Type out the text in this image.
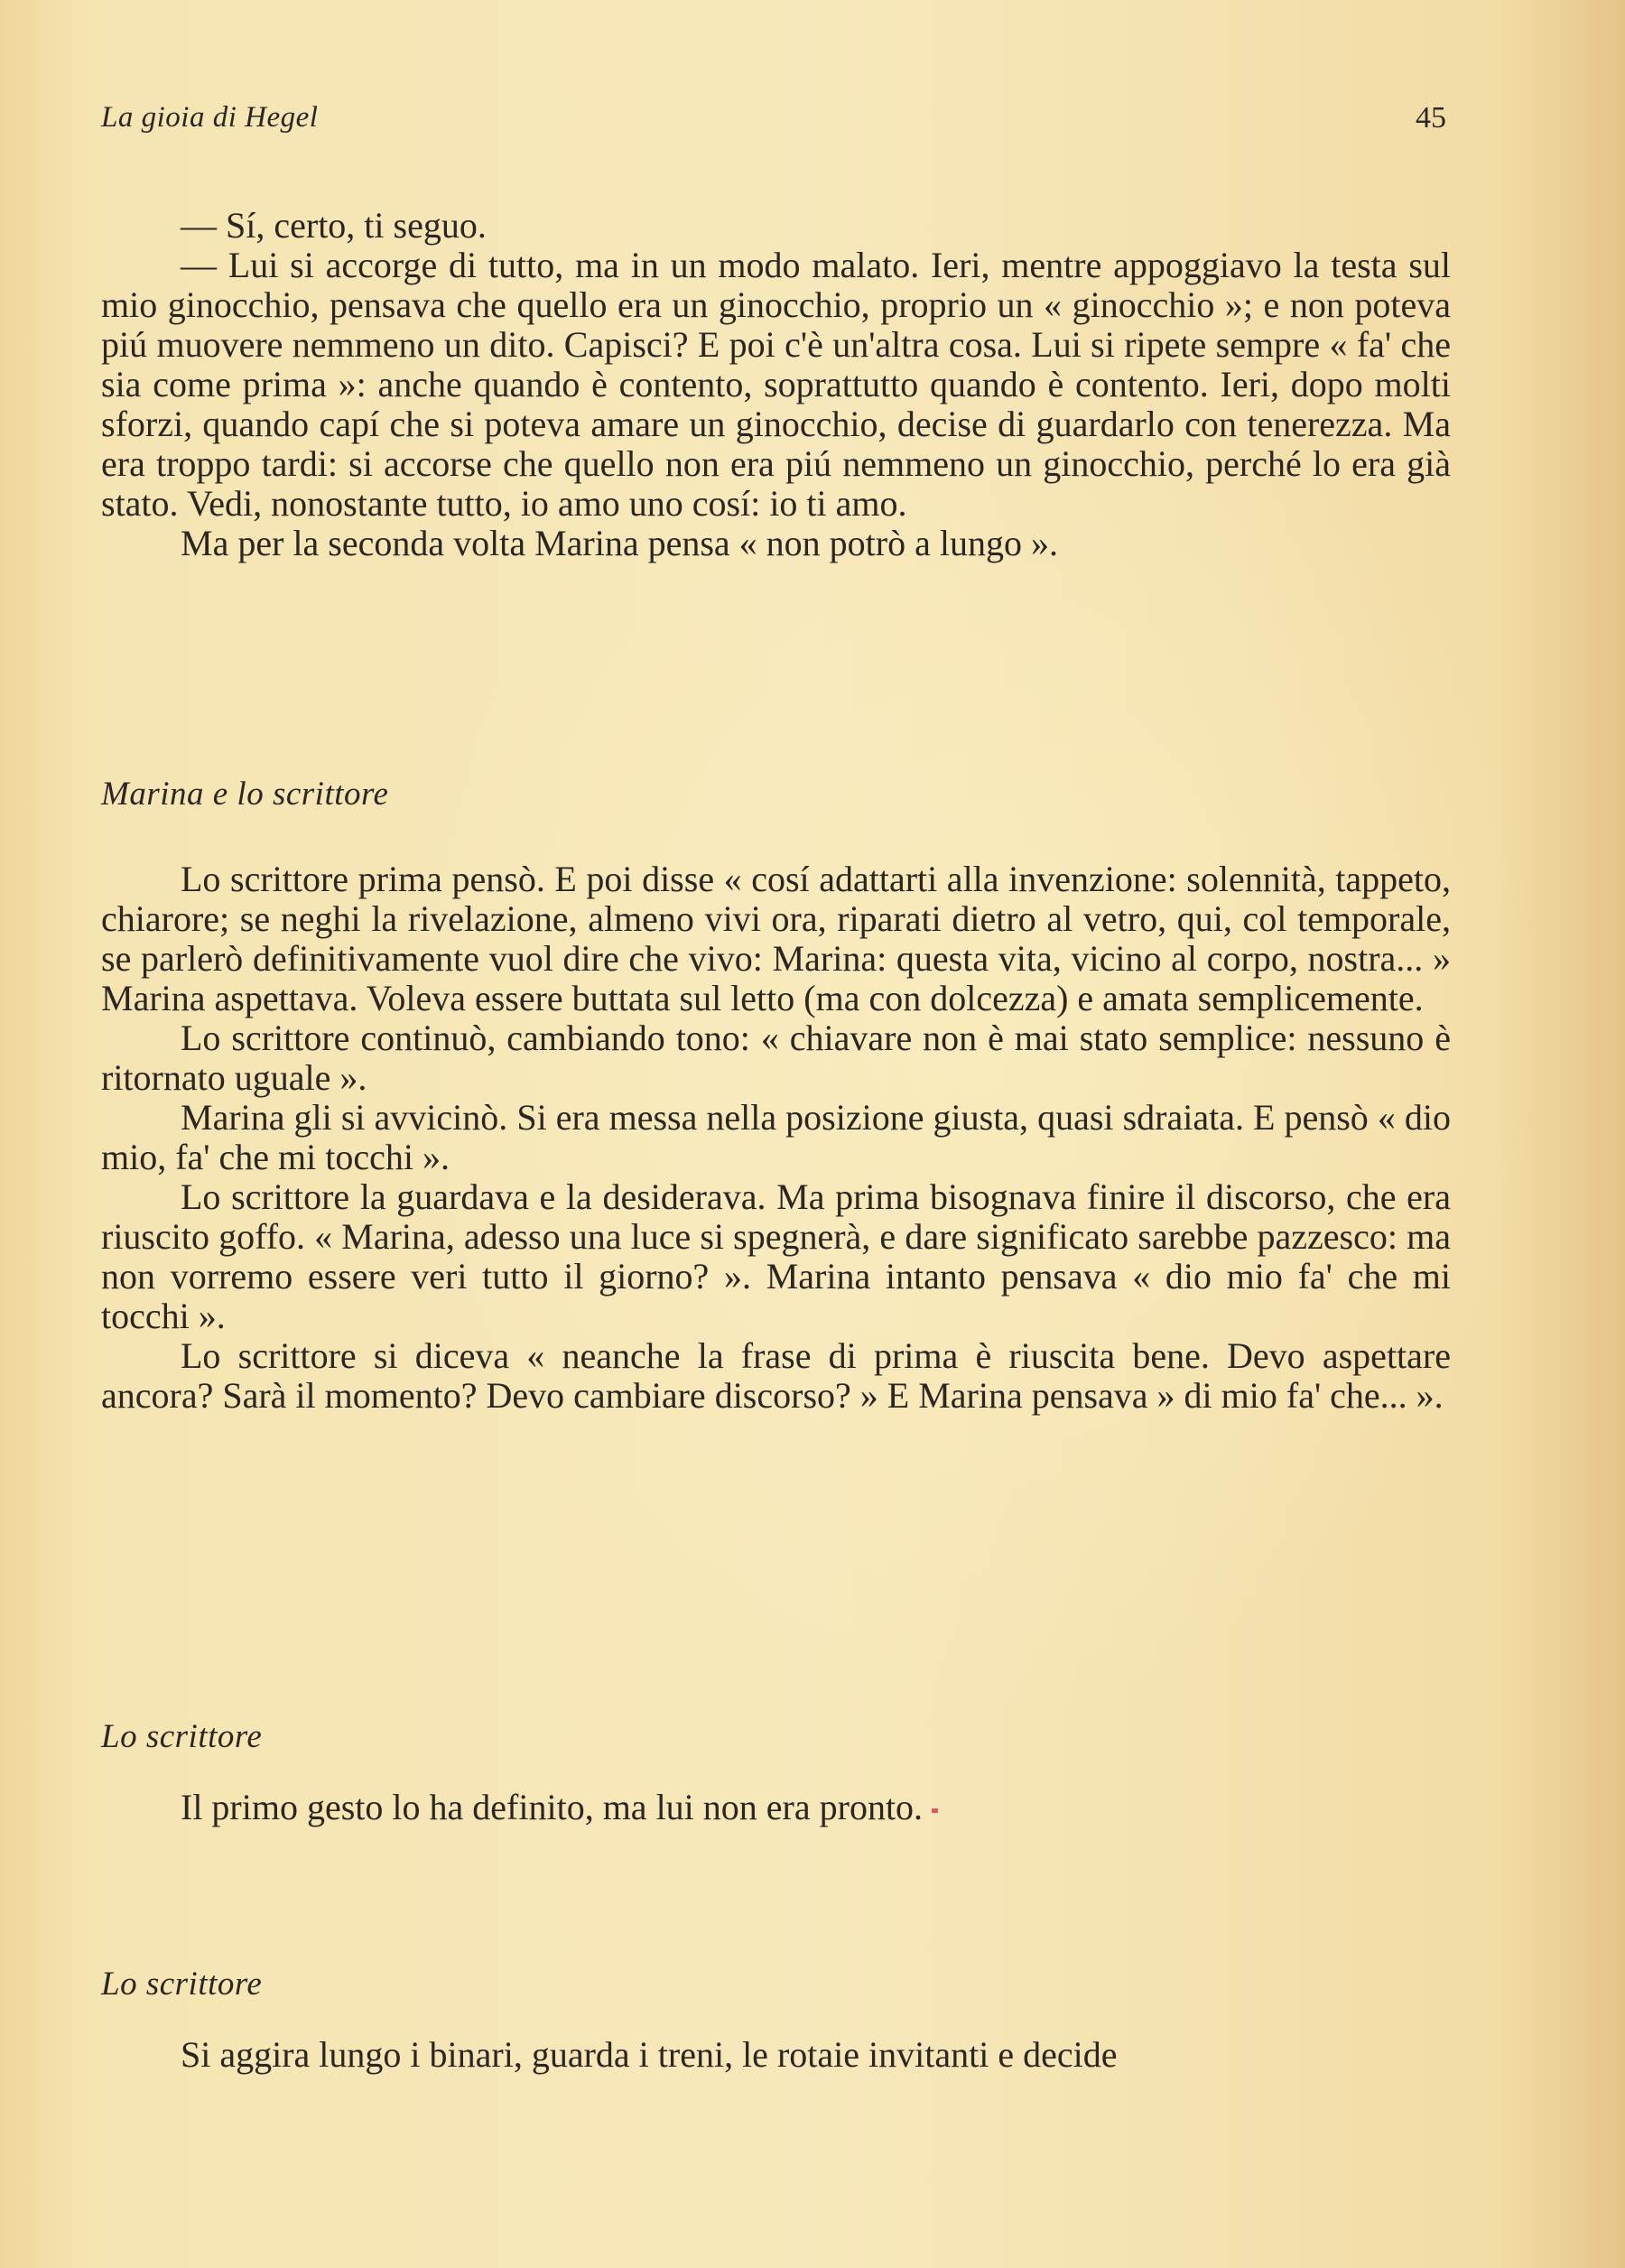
La gioia di Hegel	45

— Sí, certo, ti seguo.

— Lui si accorge di tutto, ma in un modo malato. Ieri, mentre appoggiavo la testa sul mio ginocchio, pensava che quello era un ginocchio, proprio un « ginocchio »; e non poteva piú muovere nemmeno un dito. Capisci? E poi c'è un'altra cosa. Lui si ripete sempre « fa' che sia come prima »: anche quando è contento, soprattutto quando è contento. Ieri, dopo molti sforzi, quando capí che si poteva amare un ginocchio, decise di guardarlo con tenerezza. Ma era troppo tardi: si accorse che quello non era piú nemmeno un ginocchio, perché lo era già stato. Vedi, nonostante tutto, io amo uno cosí: io ti amo.

Ma per la seconda volta Marina pensa « non potrò a lungo ».

Marina e lo scrittore

Lo scrittore prima pensò. E poi disse « cosí adattarti alla invenzione: solennità, tappeto, chiarore; se neghi la rivelazione, almeno vivi ora, riparati dietro al vetro, qui, col temporale, se parlerò definitivamente vuol dire che vivo: Marina: questa vita, vicino al corpo, nostra... » Marina aspettava. Voleva essere buttata sul letto (ma con dolcezza) e amata semplicemente.

Lo scrittore continuò, cambiando tono: « chiavare non è mai stato semplice: nessuno è ritornato uguale ».

Marina gli si avvicinò. Si era messa nella posizione giusta, quasi sdraiata. E pensò « dio mio, fa' che mi tocchi ».

Lo scrittore la guardava e la desiderava. Ma prima bisognava finire il discorso, che era riuscito goffo. « Marina, adesso una luce si spegnerà, e dare significato sarebbe pazzesco: ma non vorremo essere veri tutto il giorno? ». Marina intanto pensava « dio mio fa' che mi tocchi ».

Lo scrittore si diceva « neanche la frase di prima è riuscita bene. Devo aspettare ancora? Sarà il momento? Devo cambiare discorso? » E Marina pensava » di mio fa' che... ».

Lo scrittore
Il primo gesto lo ha definito, ma lui non era pronto.
Lo scrittore
Si aggira lungo i binari, guarda i treni, le rotaie invitanti e decide
